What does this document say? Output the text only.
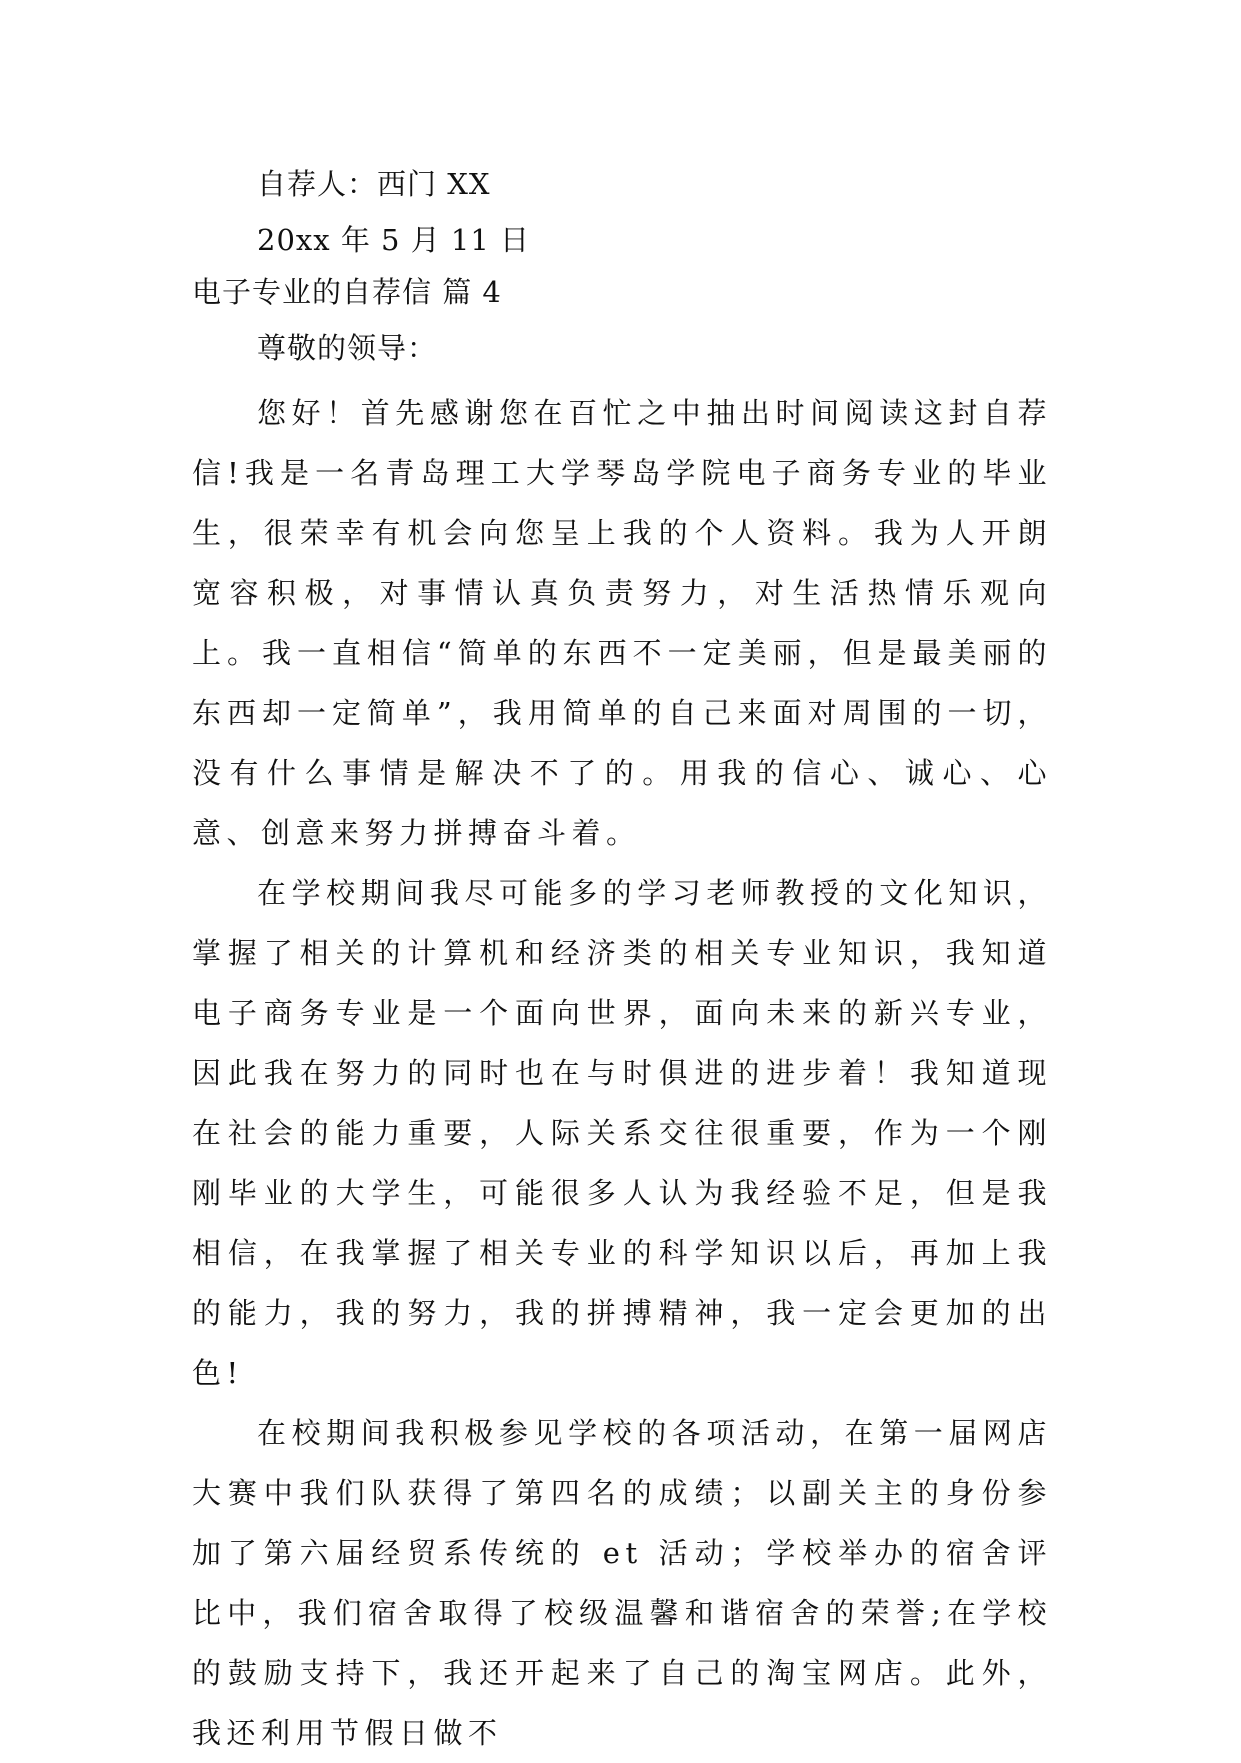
自荐人：西门 XX
20xx 年 5 月 11 日
电子专业的自荐信 篇 4
尊敬的领导：

您好！首先感谢您在百忙之中抽出时间阅读这封自荐信!我是一名青岛理工大学琴岛学院电子商务专业的毕业生，很荣幸有机会向您呈上我的个人资料。我为人开朗宽容积极，对事情认真负责努力，对生活热情乐观向上。我一直相信“简单的东西不一定美丽，但是最美丽的东西却一定简单”，我用简单的自己来面对周围的一切，没有什么事情是解决不了的。用我的信心、诚心、心意、创意来努力拼搏奋斗着。

在学校期间我尽可能多的学习老师教授的文化知识，掌握了相关的计算机和经济类的相关专业知识，我知道电子商务专业是一个面向世界，面向未来的新兴专业，因此我在努力的同时也在与时俱进的进步着！我知道现在社会的能力重要，人际关系交往很重要，作为一个刚刚毕业的大学生，可能很多人认为我经验不足，但是我相信，在我掌握了相关专业的科学知识以后，再加上我的能力，我的努力，我的拼搏精神，我一定会更加的出色!

在校期间我积极参见学校的各项活动，在第一届网店大赛中我们队获得了第四名的成绩；以副关主的身份参加了第六届经贸系传统的 et 活动；学校举办的宿舍评比中，我们宿舍取得了校级温馨和谐宿舍的荣誉;在学校的鼓励支持下，我还开起来了自己的淘宝网店。此外，我还利用节假日做不
